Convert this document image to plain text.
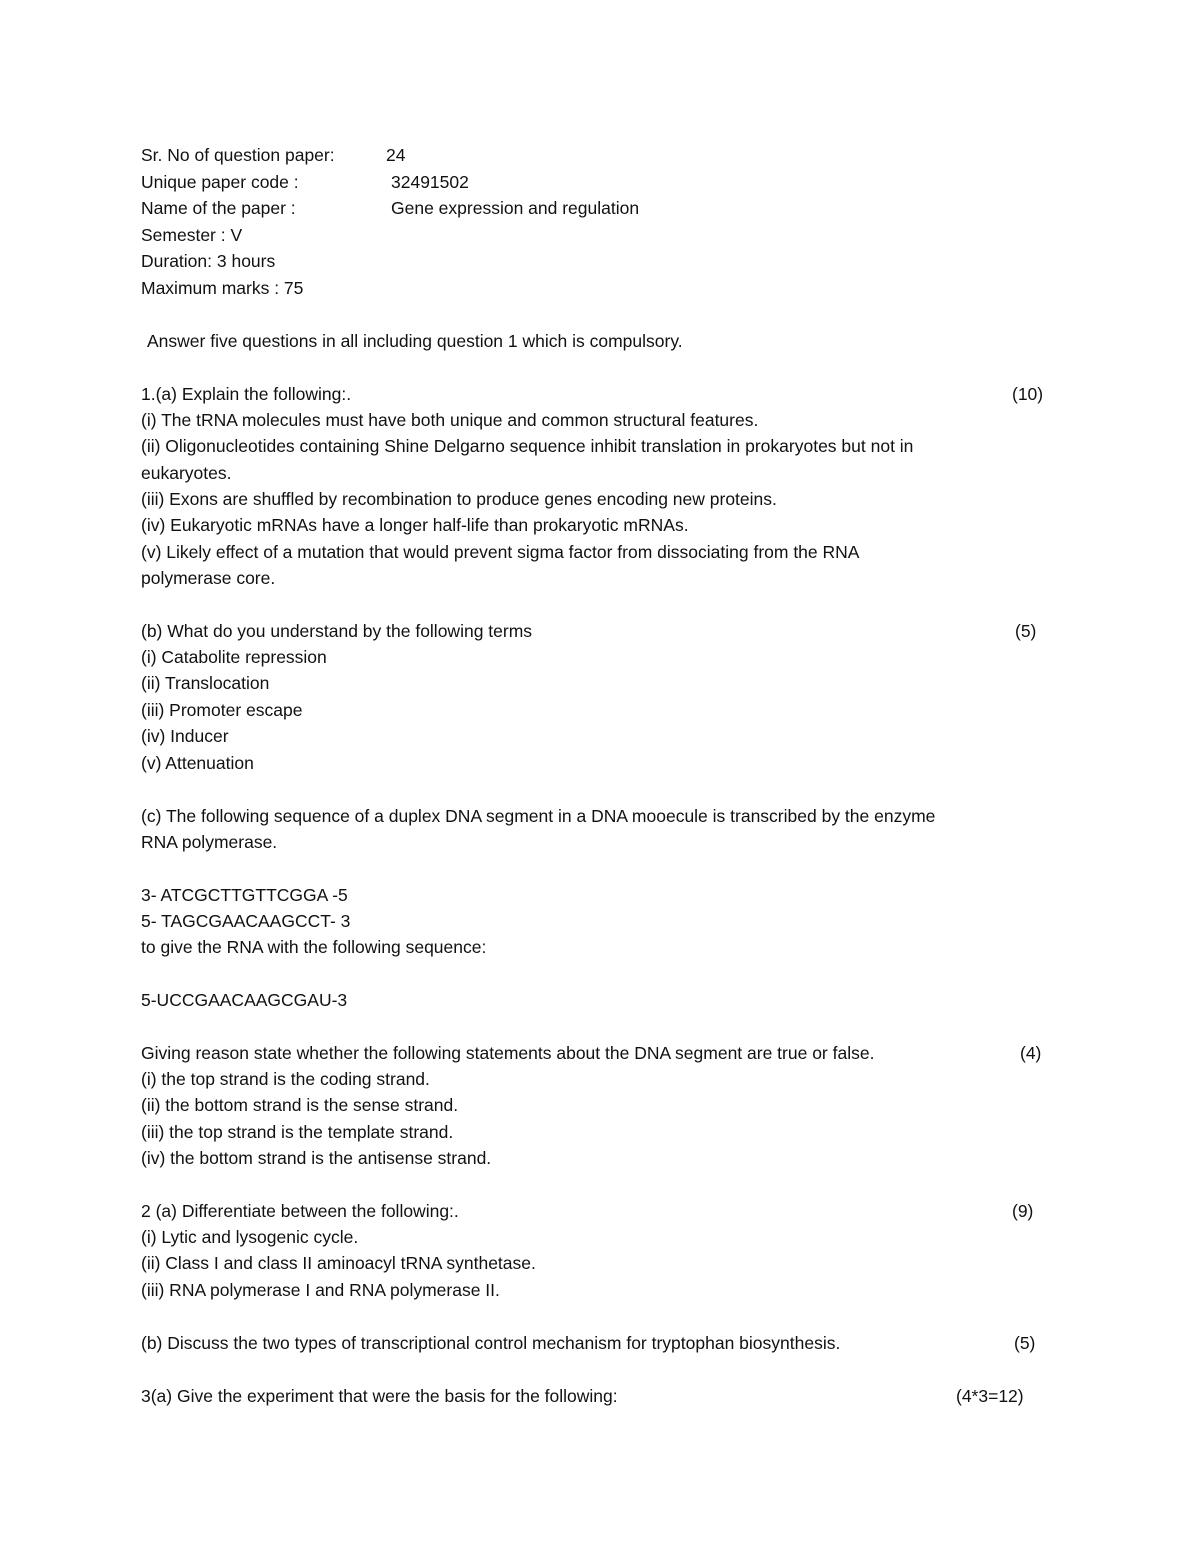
Sr. No of question paper:	24
Unique paper code :	32491502
Name of the paper :	Gene expression and regulation
Semester : V
Duration: 3 hours
Maximum marks : 75
Answer five questions in all including question 1 which is compulsory.
1.(a) Explain the following:.	(10)
(i) The tRNA molecules must have both unique and common structural features.
(ii) Oligonucleotides containing Shine Delgarno sequence inhibit translation in prokaryotes but not in
eukaryotes.
(iii) Exons are shuffled by recombination to produce genes encoding new proteins.
(iv) Eukaryotic mRNAs have a longer half-life than prokaryotic mRNAs.
(v) Likely effect of a mutation that would prevent sigma factor from dissociating from the RNA
polymerase core.
(b) What do you understand by the following terms	(5)
(i) Catabolite repression
(ii) Translocation
(iii) Promoter escape
(iv) Inducer
(v) Attenuation
(c) The following sequence of a duplex DNA segment in a DNA mooecule is transcribed by the enzyme
RNA polymerase.
3- ATCGCTTGTTCGGA -5
5- TAGCGAACAAGCCT- 3
to give the RNA with the following sequence:
5-UCCGAACAAGCGAU-3
Giving reason state whether the following statements about the DNA segment are true or false.	(4)
(i) the top strand is the coding strand.
(ii) the bottom strand is the sense strand.
(iii) the top strand is the template strand.
(iv) the bottom strand is the antisense strand.
2 (a) Differentiate between the following:.	(9)
(i) Lytic and lysogenic cycle.
(ii) Class I and class II aminoacyl tRNA synthetase.
(iii) RNA polymerase I and RNA polymerase II.
(b) Discuss the two types of transcriptional control mechanism for tryptophan biosynthesis.	(5)
3(a) Give the experiment that were the basis for the following:	(4*3=12)
